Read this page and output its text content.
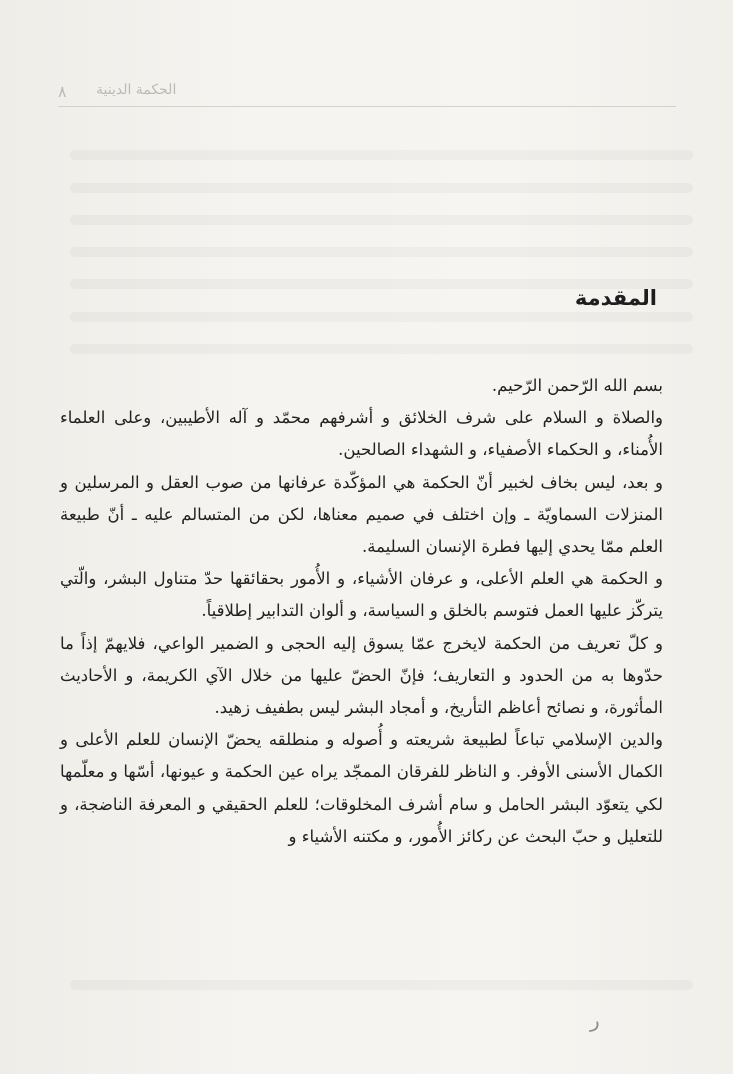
٨ الحكمة الدينية
المقدمة

بسم الله الرّحمن الرّحيم.

والصلاة و السلام على شرف الخلائق و أشرفهم محمّد و آله الأطيبين، وعلى العلماء الأُمناء، و الحكماء الأصفياء، و الشهداء الصالحين.

و بعد، ليس بخاف لخبير أنّ الحكمة هي المؤكّدة عرفانها من صوب العقل و المرسلين و المنزلات السماويّة ـ وإن اختلف في صميم معناها، لكن من المتسالم عليه ـ أنّ طبيعة العلم ممّا يحدي إليها فطرة الإنسان السليمة.

و الحكمة هي العلم الأعلى، و عرفان الأشياء، و الأُمور بحقائقها حدّ متناول البشر، والّتي يتركّز عليها العمل فتوسم بالخلق و السياسة، و ألوان التدابير إطلاقياً.

و كلّ تعريف من الحكمة لايخرج عمّا يسوق إليه الحجى و الضمير الواعي، فلايهمّ إذاً ما حدّوها به من الحدود و التعاريف؛ فإنّ الحضّ عليها من خلال الآي الكريمة، و الأحاديث المأثورة، و نصائح أعاظم التأريخ، و أمجاد البشر ليس بطفيف زهيد.

والدين الإسلامي تباعاً لطبيعة شريعته و أُصوله و منطلقه يحضّ الإنسان للعلم الأعلى و الكمال الأسنى الأوفر. و الناظر للفرقان الممجّد يراه عين الحكمة و عيونها، أسّها و معلّمها لكي يتعوّد البشر الحامل و سام أشرف المخلوقات؛ للعلم الحقيقي و المعرفة الناضجة، و للتعليل و حبّ البحث عن ركائز الأُمور، و مكتنه الأشياء و

ر
